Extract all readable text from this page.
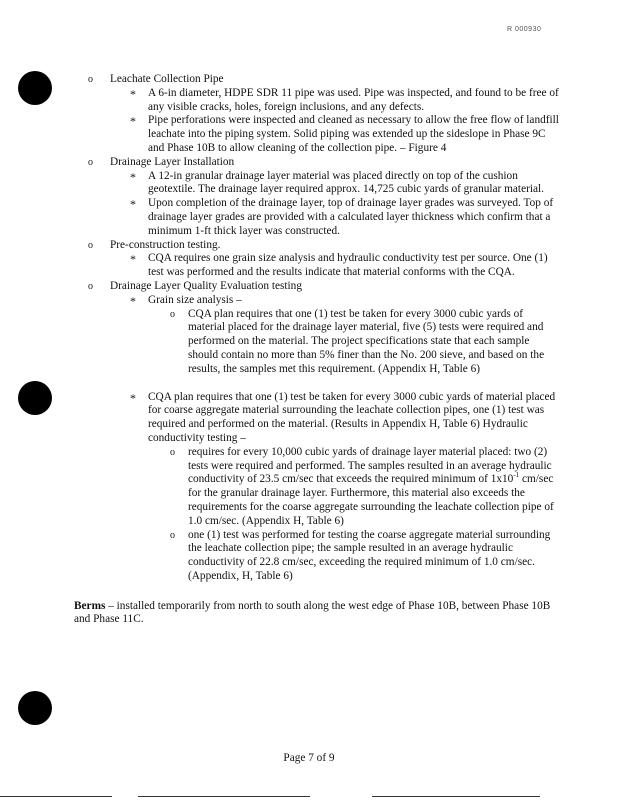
R 000930
o Leachate Collection Pipe
* A 6-in diameter, HDPE SDR 11 pipe was used. Pipe was inspected, and found to be free of any visible cracks, holes, foreign inclusions, and any defects.
* Pipe perforations were inspected and cleaned as necessary to allow the free flow of landfill leachate into the piping system. Solid piping was extended up the sideslope in Phase 9C and Phase 10B to allow cleaning of the collection pipe. – Figure 4
o Drainage Layer Installation
* A 12-in granular drainage layer material was placed directly on top of the cushion geotextile. The drainage layer required approx. 14,725 cubic yards of granular material.
* Upon completion of the drainage layer, top of drainage layer grades was surveyed. Top of drainage layer grades are provided with a calculated layer thickness which confirm that a minimum 1-ft thick layer was constructed.
o Pre-construction testing.
* CQA requires one grain size analysis and hydraulic conductivity test per source. One (1) test was performed and the results indicate that material conforms with the CQA.
o Drainage Layer Quality Evaluation testing
* Grain size analysis –
o CQA plan requires that one (1) test be taken for every 3000 cubic yards of material placed for the drainage layer material, five (5) tests were required and performed on the material. The project specifications state that each sample should contain no more than 5% finer than the No. 200 sieve, and based on the results, the samples met this requirement. (Appendix H, Table 6)
* CQA plan requires that one (1) test be taken for every 3000 cubic yards of material placed for coarse aggregate material surrounding the leachate collection pipes, one (1) test was required and performed on the material. (Results in Appendix H, Table 6) Hydraulic conductivity testing –
o requires for every 10,000 cubic yards of drainage layer material placed: two (2) tests were required and performed. The samples resulted in an average hydraulic conductivity of 23.5 cm/sec that exceeds the required minimum of $1x10^{-1}$ cm/sec for the granular drainage layer. Furthermore, this material also exceeds the requirements for the coarse aggregate surrounding the leachate collection pipe of 1.0 cm/sec. (Appendix H, Table 6)
o one (1) test was performed for testing the coarse aggregate material surrounding the leachate collection pipe; the sample resulted in an average hydraulic conductivity of 22.8 cm/sec, exceeding the required minimum of 1.0 cm/sec. (Appendix, H, Table 6)
Berms – installed temporarily from north to south along the west edge of Phase 10B, between Phase 10B and Phase 11C.
Page 7 of 9
